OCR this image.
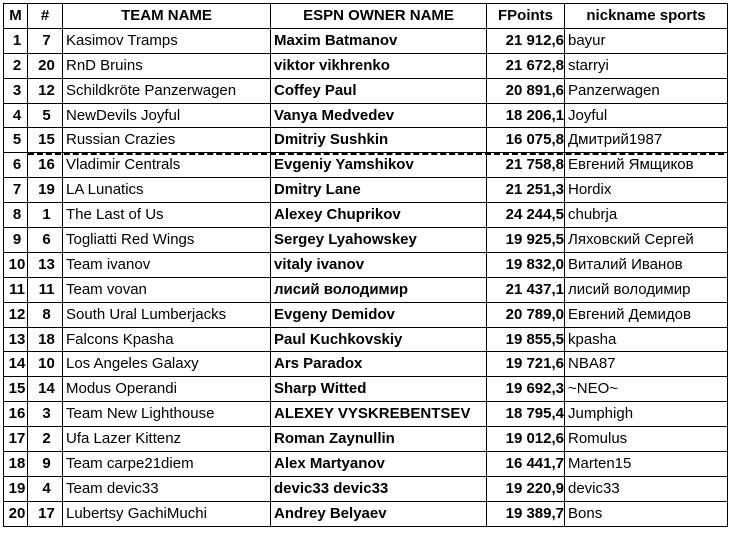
M	#	TEAM NAME	ESPN OWNER NAME	FPoints	nickname sports
1	7	Kasimov Tramps	Maxim Batmanov	21 912,6	bayur
2	20	RnD Bruins	viktor vikhrenko	21 672,8	starryi
3	12	Schildkröte Panzerwagen	Coffey Paul	20 891,6	Panzerwagen
4	5	NewDevils Joyful	Vanya Medvedev	18 206,1	Joyful
5	15	Russian Crazies	Dmitriy Sushkin	16 075,8	Дмитрий1987
6	16	Vladimir Centrals	Evgeniy Yamshikov	21 758,8	Евгений Ямщиков
7	19	LA Lunatics	Dmitry Lane	21 251,3	Hordix
8	1	The Last of Us	Alexey Chuprikov	24 244,5	chubrja
9	6	Togliatti Red Wings	Sergey Lyahowskey	19 925,5	Ляховский Сергей
10	13	Team ivanov	vitaly ivanov	19 832,0	Виталий Иванов
11	11	Team vovan	лисий володимир	21 437,1	лисий володимир
12	8	South Ural Lumberjacks	Evgeny Demidov	20 789,0	Евгений Демидов
13	18	Falcons Kpasha	Paul Kuchkovskiy	19 855,5	kpasha
14	10	Los Angeles Galaxy	Ars Paradox	19 721,6	NBA87
15	14	Modus Operandi	Sharp Witted	19 692,3	~NEO~
16	3	Team New Lighthouse	ALEXEY VYSKREBENTSEV	18 795,4	Jumphigh
17	2	Ufa Lazer Kittenz	Roman Zaynullin	19 012,6	Romulus
18	9	Team carpe21diem	Alex Martyanov	16 441,7	Marten15
19	4	Team devic33	devic33 devic33	19 220,9	devic33
20	17	Lubertsy GachiMuchi	Andrey Belyaev	19 389,7	Bons
